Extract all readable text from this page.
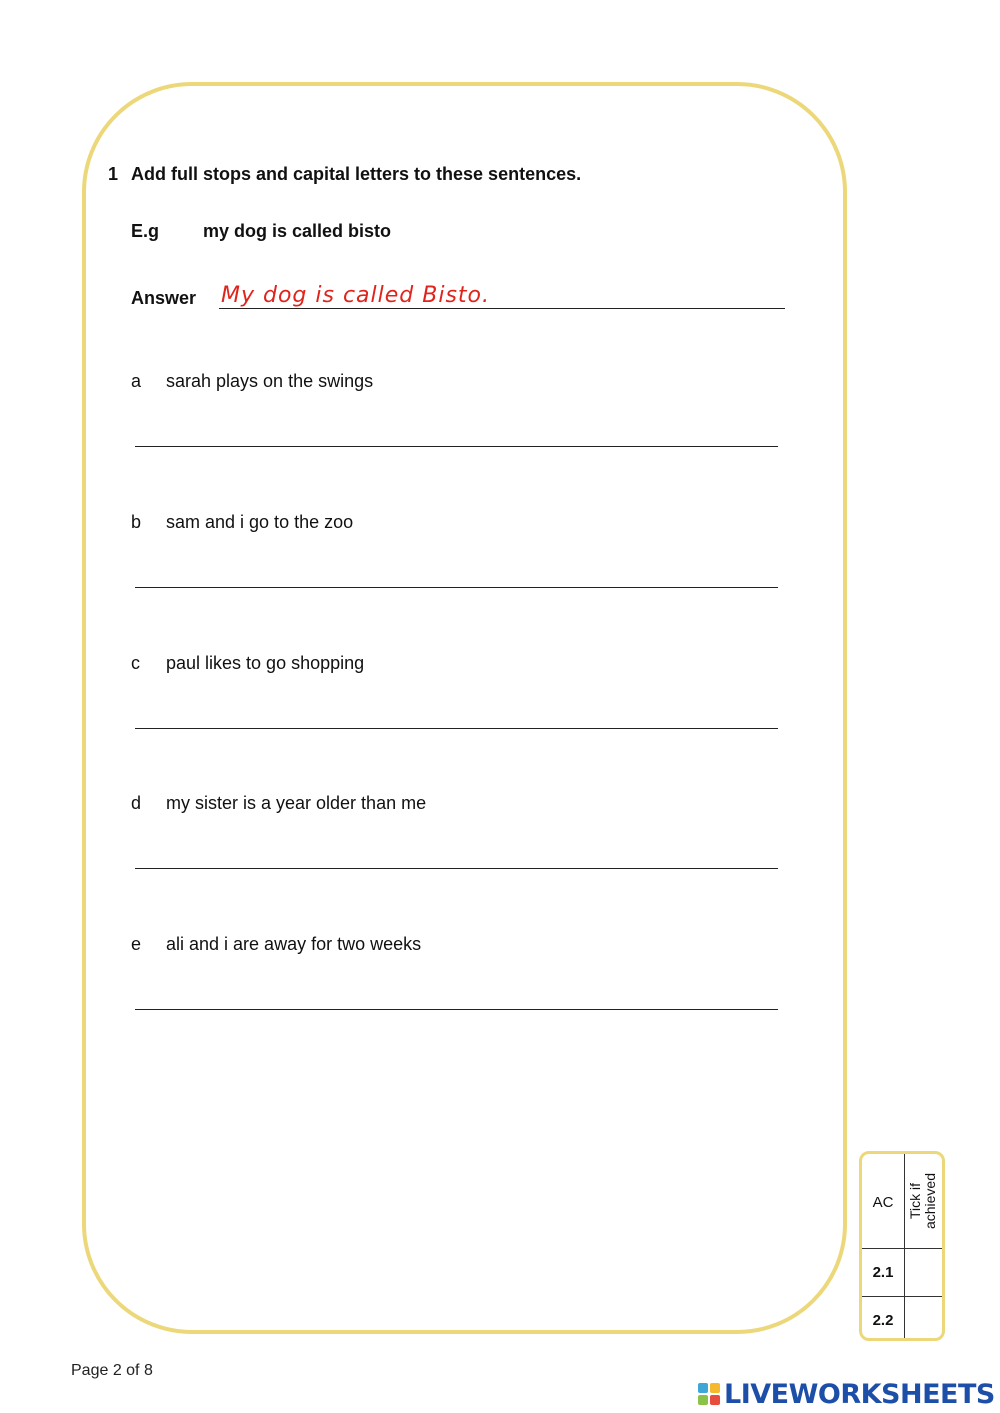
1 Add full stops and capital letters to these sentences.
E.g my dog is called bisto
Answer My dog is called Bisto.
a sarah plays on the swings
b sam and i go to the zoo
c paul likes to go shopping
d my sister is a year older than me
e ali and i are away for two weeks
AC Tick if
achieved
2.1
2.2
Page 2 of 8
LIVEWORKSHEETS
